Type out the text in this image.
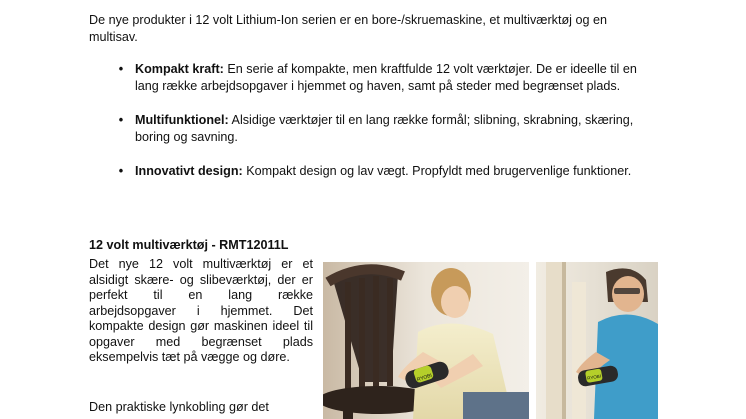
De nye produkter i 12 volt Lithium-Ion serien er en bore-/skruemaskine, et multiværktøj og en multisav.

• Kompakt kraft: En serie af kompakte, men kraftfulde 12 volt værktøjer. De er ideelle til en lang række arbejdsopgaver i hjemmet og haven, samt på steder med begrænset plads.
• Multifunktionel: Alsidige værktøjer til en lang række formål; slibning, skrabning, skæring, boring og savning.
• Innovativt design: Kompakt design og lav vægt. Propfyldt med brugervenlige funktioner.
12 volt multiværktøj - RMT12011L

Det nye 12 volt multiværktøj er et alsidigt skære- og slibeværktøj, der er perfekt til en lang række arbejdsopgaver i hjemmet. Det kompakte design gør maskinen ideel til opgaver med begrænset plads eksempelvis tæt på vægge og døre.

Den praktiske lynkobling gør det

RYOBI	RYOBI
